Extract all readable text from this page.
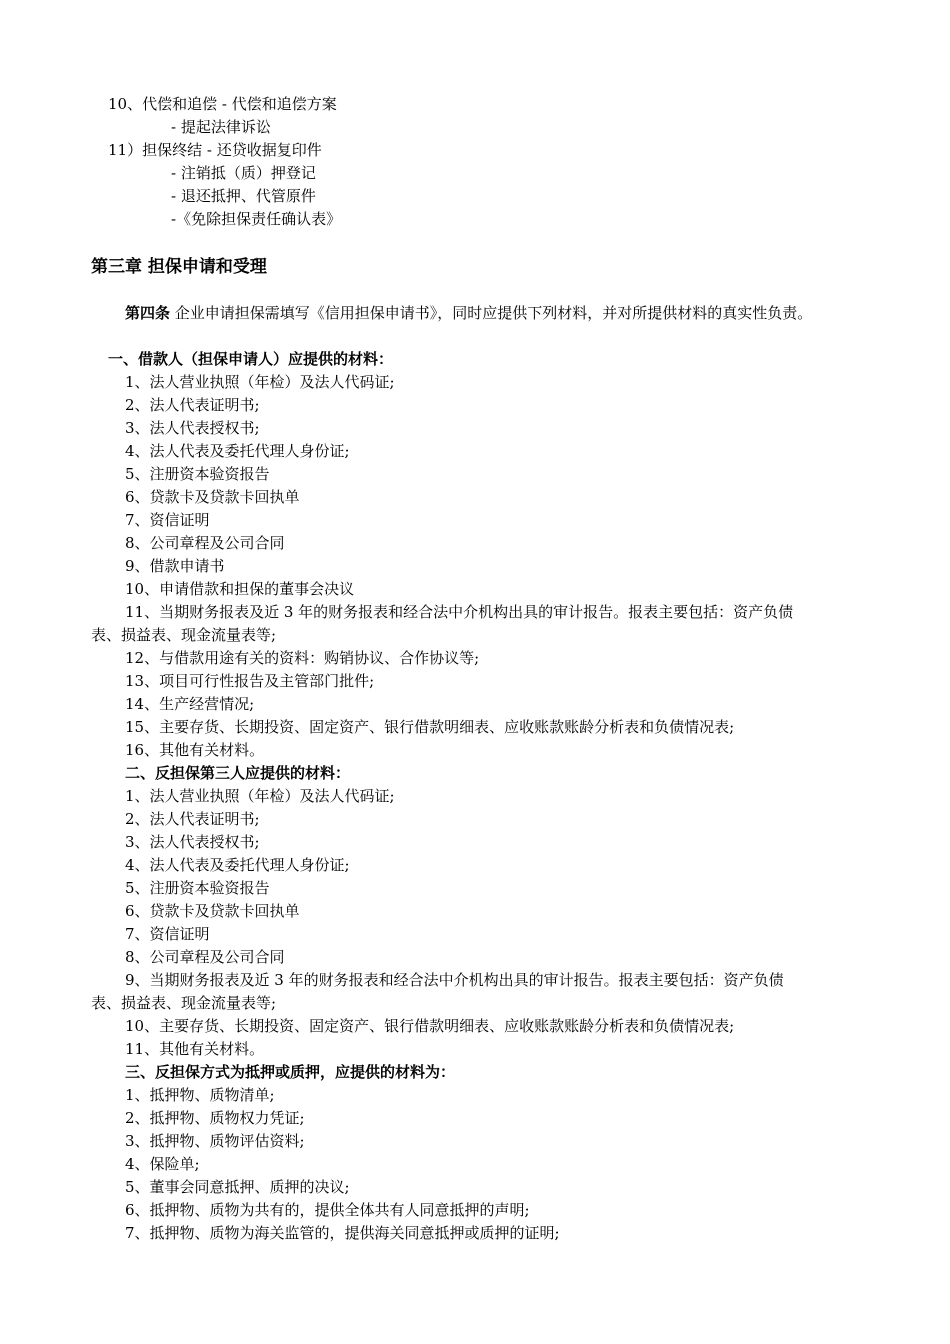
10、代偿和追偿 - 代偿和追偿方案
- 提起法律诉讼
11）担保终结 - 还贷收据复印件
- 注销抵（质）押登记
- 退还抵押、代管原件
-《免除担保责任确认表》
第三章 担保申请和受理
第四条 企业申请担保需填写《信用担保申请书》，同时应提供下列材料，并对所提供材料的真实性负责。
一、借款人（担保申请人）应提供的材料：
1、法人营业执照（年检）及法人代码证;
2、法人代表证明书;
3、法人代表授权书;
4、法人代表及委托代理人身份证;
5、注册资本验资报告
6、贷款卡及贷款卡回执单
7、资信证明
8、公司章程及公司合同
9、借款申请书
10、申请借款和担保的董事会决议
11、当期财务报表及近 3 年的财务报表和经合法中介机构出具的审计报告。报表主要包括：资产负债
表、损益表、现金流量表等;
12、与借款用途有关的资料：购销协议、合作协议等;
13、项目可行性报告及主管部门批件;
14、生产经营情况;
15、主要存货、长期投资、固定资产、银行借款明细表、应收账款账龄分析表和负债情况表;
16、其他有关材料。
二、反担保第三人应提供的材料：
1、法人营业执照（年检）及法人代码证;
2、法人代表证明书;
3、法人代表授权书;
4、法人代表及委托代理人身份证;
5、注册资本验资报告
6、贷款卡及贷款卡回执单
7、资信证明
8、公司章程及公司合同
9、当期财务报表及近 3 年的财务报表和经合法中介机构出具的审计报告。报表主要包括：资产负债
表、损益表、现金流量表等;
10、主要存货、长期投资、固定资产、银行借款明细表、应收账款账龄分析表和负债情况表;
11、其他有关材料。
三、反担保方式为抵押或质押，应提供的材料为：
1、抵押物、质物清单;
2、抵押物、质物权力凭证;
3、抵押物、质物评估资料;
4、保险单;
5、董事会同意抵押、质押的决议;
6、抵押物、质物为共有的，提供全体共有人同意抵押的声明;
7、抵押物、质物为海关监管的，提供海关同意抵押或质押的证明;
